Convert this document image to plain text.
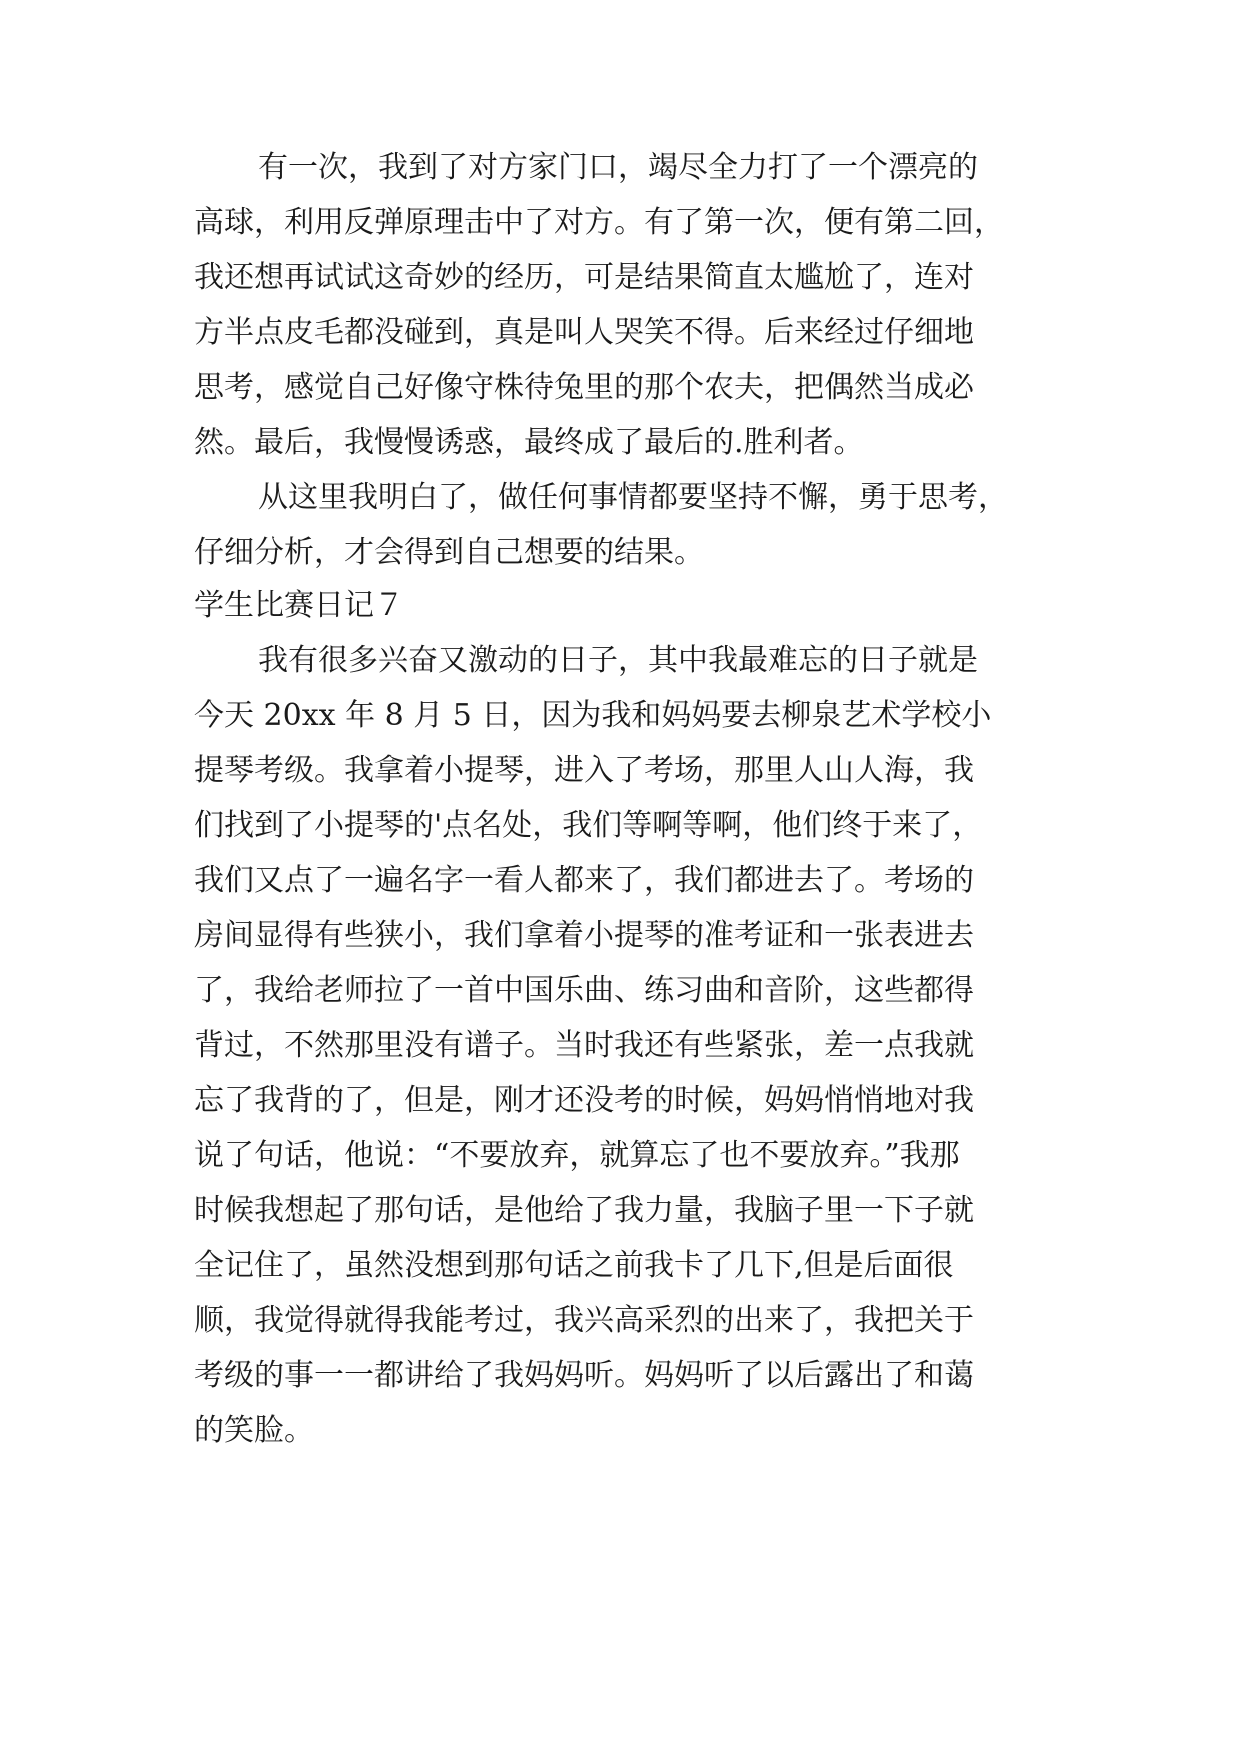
有一次，我到了对方家门口，竭尽全力打了一个漂亮的
高球，利用反弹原理击中了对方。有了第一次，便有第二回，
我还想再试试这奇妙的经历，可是结果简直太尴尬了，连对
方半点皮毛都没碰到，真是叫人哭笑不得。后来经过仔细地
思考，感觉自己好像守株待兔里的那个农夫，把偶然当成必
然。最后，我慢慢诱惑，最终成了最后的.胜利者。
从这里我明白了，做任何事情都要坚持不懈，勇于思考，
仔细分析，才会得到自己想要的结果。
学生比赛日记７
我有很多兴奋又激动的日子，其中我最难忘的日子就是
今天 20xx 年 8 月 5 日，因为我和妈妈要去柳泉艺术学校小
提琴考级。我拿着小提琴，进入了考场，那里人山人海，我
们找到了小提琴的'点名处，我们等啊等啊，他们终于来了，
我们又点了一遍名字一看人都来了，我们都进去了。考场的
房间显得有些狭小，我们拿着小提琴的准考证和一张表进去
了，我给老师拉了一首中国乐曲、练习曲和音阶，这些都得
背过，不然那里没有谱子。当时我还有些紧张，差一点我就
忘了我背的了，但是，刚才还没考的时候，妈妈悄悄地对我
说了句话，他说：“不要放弃，就算忘了也不要放弃。”我那
时候我想起了那句话，是他给了我力量，我脑子里一下子就
全记住了，虽然没想到那句话之前我卡了几下,但是后面很
顺，我觉得就得我能考过，我兴高采烈的出来了，我把关于
考级的事一一都讲给了我妈妈听。妈妈听了以后露出了和蔼
的笑脸。
